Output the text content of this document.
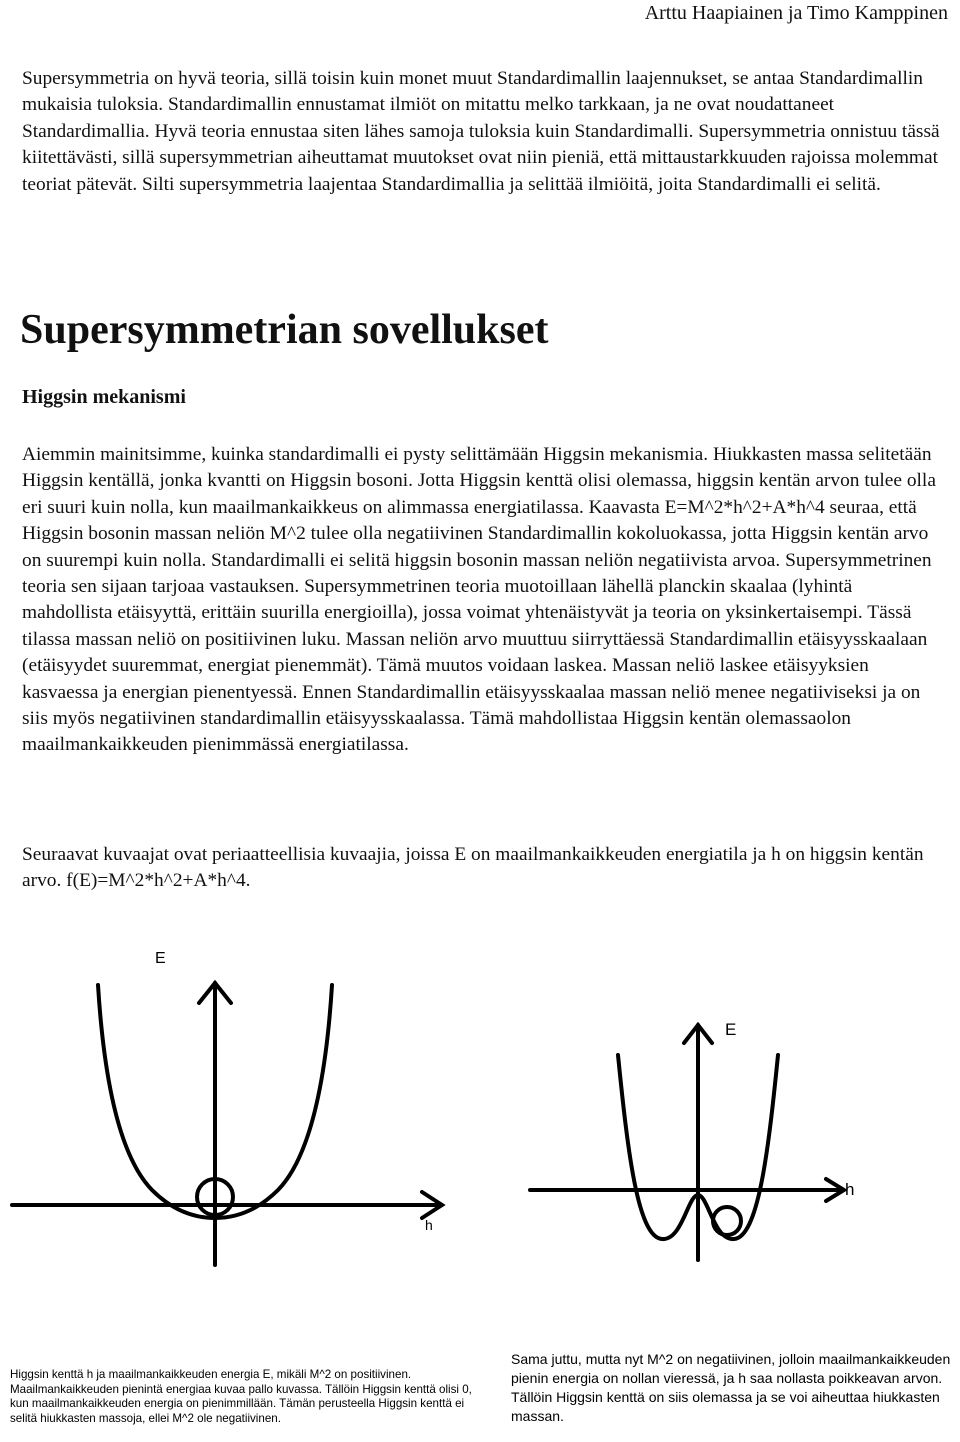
Arttu Haapiainen ja Timo Kamppinen

Supersymmetria on hyvä teoria, sillä toisin kuin monet muut Standardimallin laajennukset, se antaa Standardimallin mukaisia tuloksia. Standardimallin ennustamat ilmiöt on mitattu melko tarkkaan, ja ne ovat noudattaneet Standardimallia. Hyvä teoria ennustaa siten lähes samoja tuloksia kuin Standardimalli. Supersymmetria onnistuu tässä kiitettävästi, sillä supersymmetrian aiheuttamat muutokset ovat niin pieniä, että mittaustarkkuuden rajoissa molemmat teoriat pätevät. Silti supersymmetria laajentaa Standardimallia ja selittää ilmiöitä, joita Standardimalli ei selitä.

Supersymmetrian sovellukset
Higgsin mekanismi

Aiemmin mainitsimme, kuinka standardimalli ei pysty selittämään Higgsin mekanismia. Hiukkasten massa selitetään Higgsin kentällä, jonka kvantti on Higgsin bosoni. Jotta Higgsin kenttä olisi olemassa, higgsin kentän arvon tulee olla eri suuri kuin nolla, kun maailmankaikkeus on alimmassa energiatilassa. Kaavasta E=M^2*h^2+A*h^4 seuraa, että Higgsin bosonin massan neliön M^2 tulee olla negatiivinen Standardimallin kokoluokassa, jotta Higgsin kentän arvo on suurempi kuin nolla. Standardimalli ei selitä higgsin bosonin massan neliön negatiivista arvoa. Supersymmetrinen teoria sen sijaan tarjoaa vastauksen. Supersymmetrinen teoria muotoillaan lähellä planckin skaalaa (lyhintä mahdollista etäisyyttä, erittäin suurilla energioilla), jossa voimat yhtenäistyvät ja teoria on yksinkertaisempi. Tässä tilassa massan neliö on positiivinen luku. Massan neliön arvo muuttuu siirryttäessä Standardimallin etäisyysskaalaan (etäisyydet suuremmat, energiat pienemmät). Tämä muutos voidaan laskea. Massan neliö laskee etäisyyksien kasvaessa ja energian pienentyessä. Ennen Standardimallin etäisyysskaalaa massan neliö menee negatiiviseksi ja on siis myös negatiivinen standardimallin etäisyysskaalassa. Tämä mahdollistaa Higgsin kentän olemassaolon maailmankaikkeuden pienimmässä energiatilassa.

Seuraavat kuvaajat ovat periaatteellisia kuvaajia, joissa E on maailmankaikkeuden energiatila ja h on higgsin kentän arvo. f(E)=M^2*h^2+A*h^4.

E
h
E
h

Higgsin kenttä h ja maailmankaikkeuden energia E, mikäli M^2 on positiivinen. Maailmankaikkeuden pienintä energiaa kuvaa pallo kuvassa. Tällöin Higgsin kenttä olisi 0, kun maailmankaikkeuden energia on pienimmillään. Tämän perusteella Higgsin kenttä ei selitä hiukkasten massoja, ellei M^2 ole negatiivinen.

Sama juttu, mutta nyt M^2 on negatiivinen, jolloin maailmankaikkeuden pienin energia on nollan vieressä, ja h saa nollasta poikkeavan arvon. Tällöin Higgsin kenttä on siis olemassa ja se voi aiheuttaa hiukkasten massan.
